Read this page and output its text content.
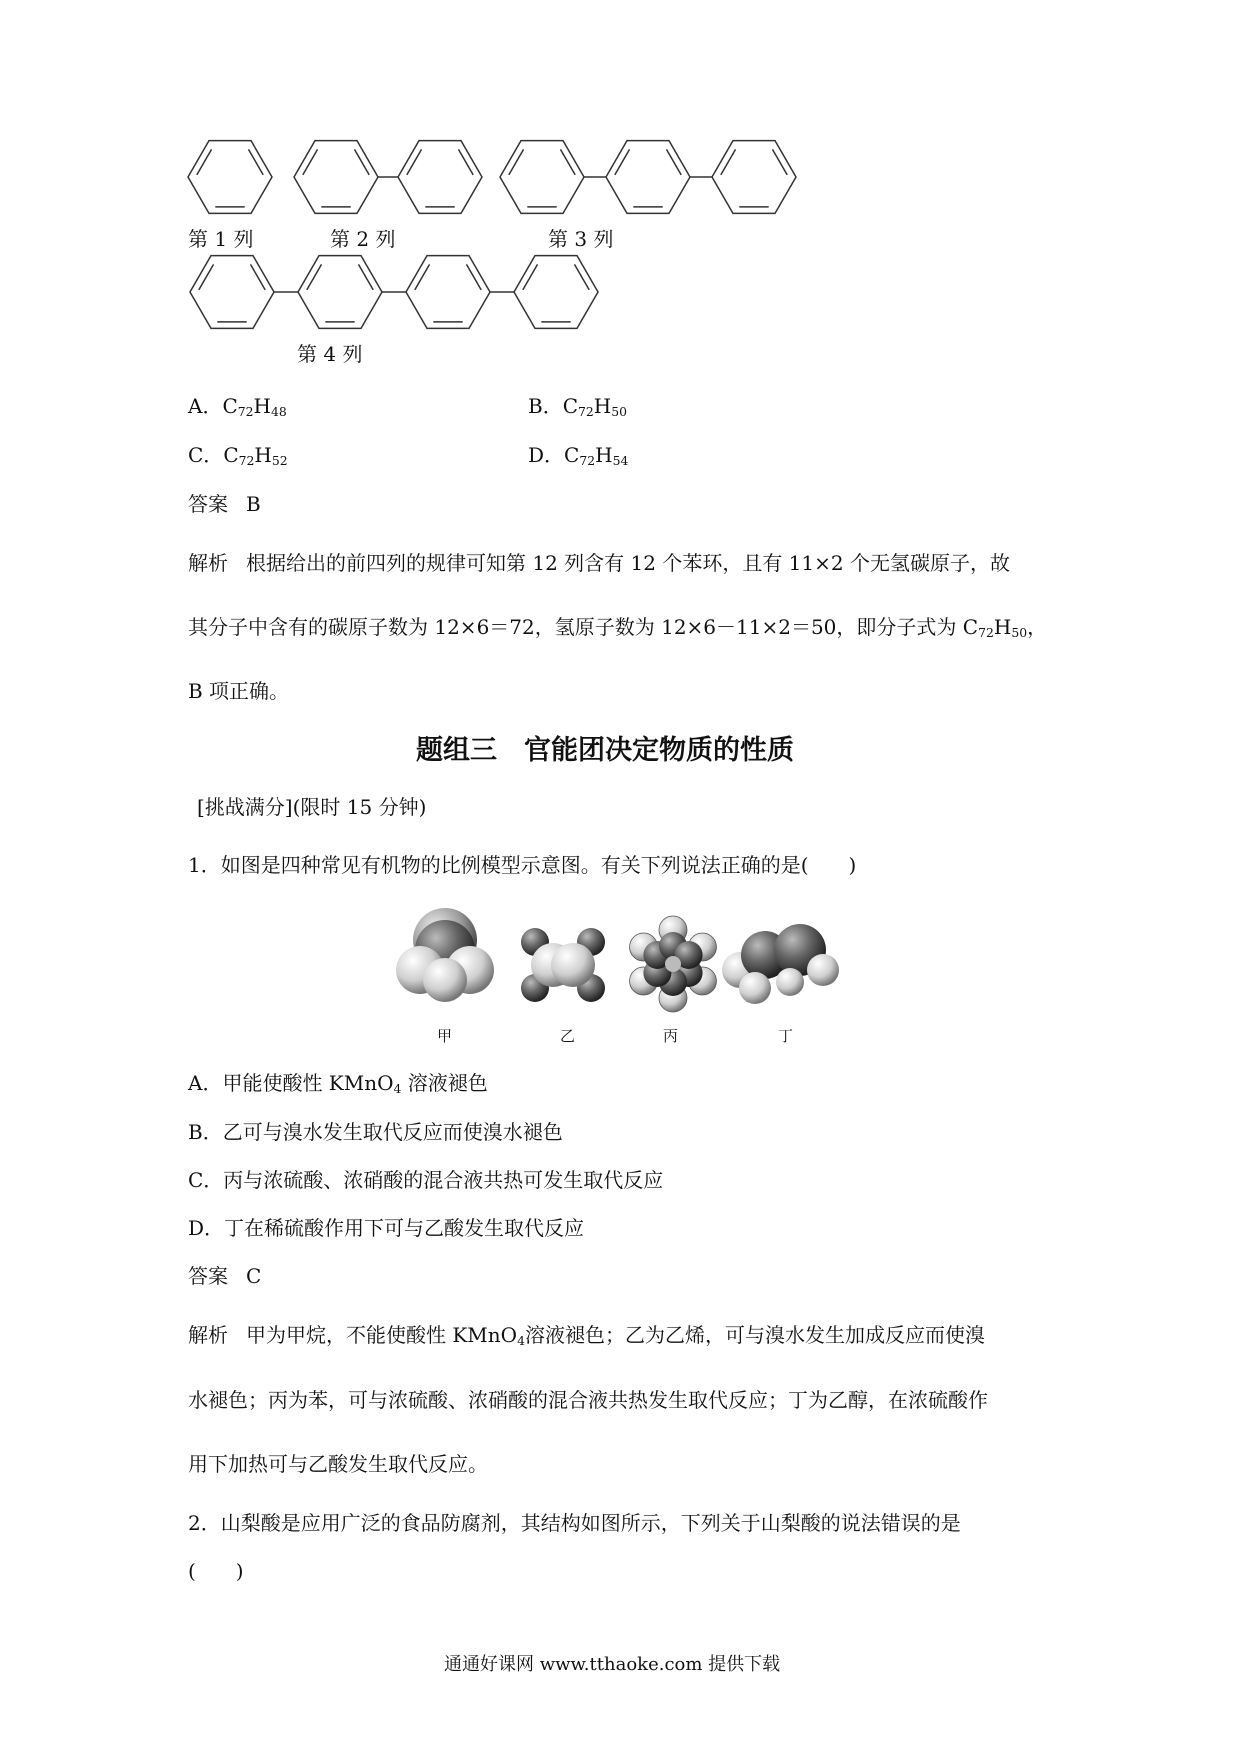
第 1 列	第 2 列	第 3 列
第 4 列
A．$C_{72}H_{48}$	B．$C_{72}H_{50}$
C．$C_{72}H_{52}$	D．$C_{72}H_{54}$
答案 B
解析 根据给出的前四列的规律可知第 12 列含有 12 个苯环，且有 11×2 个无氢碳原子，故
其分子中含有的碳原子数为 12×6＝72，氢原子数为 12×6－11×2＝50，即分子式为 $C_{72}H_{50}$，
B 项正确。
题组三　官能团决定物质的性质
[挑战满分](限时 15 分钟)
1．如图是四种常见有机物的比例模型示意图。有关下列说法正确的是(　　)
甲	乙	丙	丁
A．甲能使酸性 KMnO$_4$ 溶液褪色
B．乙可与溴水发生取代反应而使溴水褪色
C．丙与浓硫酸、浓硝酸的混合液共热可发生取代反应
D．丁在稀硫酸作用下可与乙酸发生取代反应
答案 C
解析 甲为甲烷，不能使酸性 KMnO$_4$溶液褪色；乙为乙烯，可与溴水发生加成反应而使溴
水褪色；丙为苯，可与浓硫酸、浓硝酸的混合液共热发生取代反应；丁为乙醇，在浓硫酸作
用下加热可与乙酸发生取代反应。
2．山梨酸是应用广泛的食品防腐剂，其结构如图所示，下列关于山梨酸的说法错误的是
(　　)
通通好课网 www.tthaoke.com 提供下载
